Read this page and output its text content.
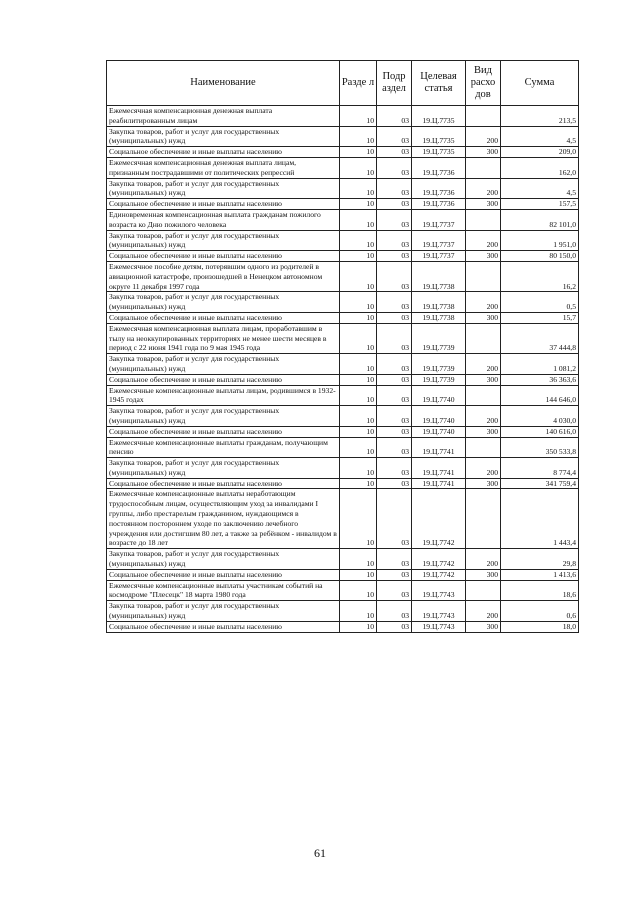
Наименование	Разде л	Подр аздел	Целевая статья	Вид расхо дов	Сумма
Ежемесячная компенсационная денежная выплата реабилитированным лицам	10	03	19.Ц.7735		213,5
Закупка товаров, работ и услуг для государственных (муниципальных) нужд	10	03	19.Ц.7735	200	4,5
Социальное обеспечение и иные выплаты населению	10	03	19.Ц.7735	300	209,0
Ежемесячная компенсационная денежная выплата лицам, признанным пострадавшими от политических репрессий	10	03	19.Ц.7736		162,0
Закупка товаров, работ и услуг для государственных (муниципальных) нужд	10	03	19.Ц.7736	200	4,5
Социальное обеспечение и иные выплаты населению	10	03	19.Ц.7736	300	157,5
Единовременная компенсационная выплата гражданам пожилого возраста ко Дню пожилого человека	10	03	19.Ц.7737		82 101,0
Закупка товаров, работ и услуг для государственных (муниципальных) нужд	10	03	19.Ц.7737	200	1 951,0
Социальное обеспечение и иные выплаты населению	10	03	19.Ц.7737	300	80 150,0
Ежемесячное пособие детям, потерявшим одного из родителей в авиационной катастрофе, произошедшей в Ненецком автономном округе 11 декабря 1997 года	10	03	19.Ц.7738		16,2
Закупка товаров, работ и услуг для государственных (муниципальных) нужд	10	03	19.Ц.7738	200	0,5
Социальное обеспечение и иные выплаты населению	10	03	19.Ц.7738	300	15,7
Ежемесячная компенсационная выплата лицам, проработавшим в тылу на неоккупированных территориях не менее шести месяцев в период с 22 июня 1941 года по 9 мая 1945 года	10	03	19.Ц.7739		37 444,8
Закупка товаров, работ и услуг для государственных (муниципальных) нужд	10	03	19.Ц.7739	200	1 081,2
Социальное обеспечение и иные выплаты населению	10	03	19.Ц.7739	300	36 363,6
Ежемесячные компенсационные выплаты лицам, родившимся в 1932-1945 годах	10	03	19.Ц.7740		144 646,0
Закупка товаров, работ и услуг для государственных (муниципальных) нужд	10	03	19.Ц.7740	200	4 030,0
Социальное обеспечение и иные выплаты населению	10	03	19.Ц.7740	300	140 616,0
Ежемесячные компенсационные выплаты гражданам, получающим пенсию	10	03	19.Ц.7741		350 533,8
Закупка товаров, работ и услуг для государственных (муниципальных) нужд	10	03	19.Ц.7741	200	8 774,4
Социальное обеспечение и иные выплаты населению	10	03	19.Ц.7741	300	341 759,4
Ежемесячные компенсационные выплаты неработающим трудоспособным лицам, осуществляющим уход за инвалидами I группы, либо престарелым гражданином, нуждающимся в постоянном постороннем уходе по заключению лечебного учреждения или достигшим 80 лет, а также за ребёнком - инвалидом в возрасте до 18 лет	10	03	19.Ц.7742		1 443,4
Закупка товаров, работ и услуг для государственных (муниципальных) нужд	10	03	19.Ц.7742	200	29,8
Социальное обеспечение и иные выплаты населению	10	03	19.Ц.7742	300	1 413,6
Ежемесячные компенсационные выплаты участникам событий на космодроме "Плесецк" 18 марта 1980 года	10	03	19.Ц.7743		18,6
Закупка товаров, работ и услуг для государственных (муниципальных) нужд	10	03	19.Ц.7743	200	0,6
Социальное обеспечение и иные выплаты населению	10	03	19.Ц.7743	300	18,0
61
